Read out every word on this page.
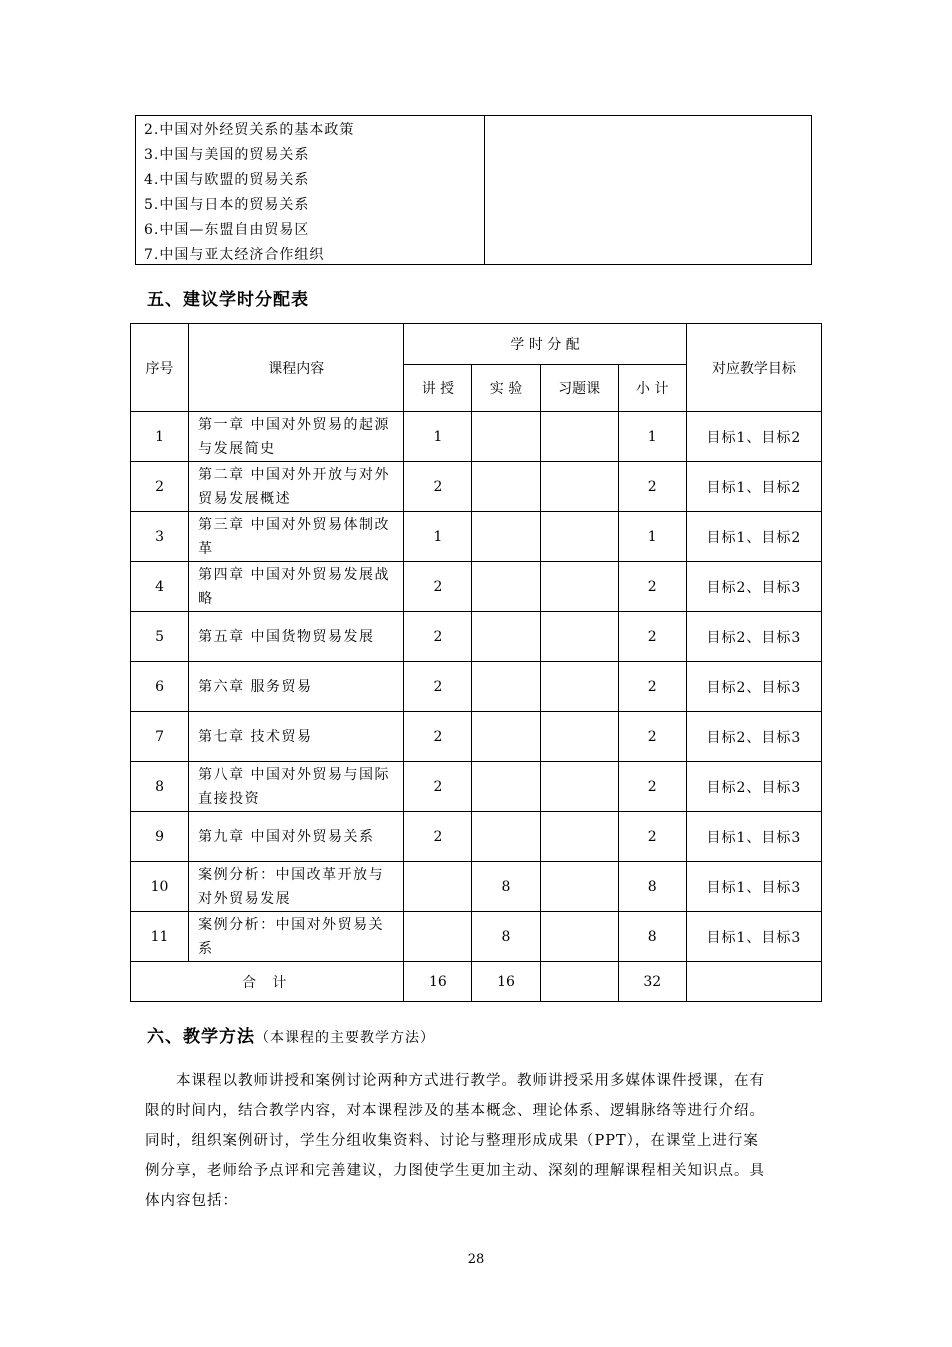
2.中国对外经贸关系的基本政策
3.中国与美国的贸易关系
4.中国与欧盟的贸易关系
5.中国与日本的贸易关系
6.中国—东盟自由贸易区
7.中国与亚太经济合作组织
五、建议学时分配表
序号	课程内容	学 时 分 配				对应教学目标
		讲 授	实 验	习题课	小 计	
1	第一章 中国对外贸易的起源与发展简史	1			1	目标1、目标2
2	第二章 中国对外开放与对外贸易发展概述	2			2	目标1、目标2
3	第三章 中国对外贸易体制改革	1			1	目标1、目标2
4	第四章 中国对外贸易发展战略	2			2	目标2、目标3
5	第五章 中国货物贸易发展	2			2	目标2、目标3
6	第六章 服务贸易	2			2	目标2、目标3
7	第七章 技术贸易	2			2	目标2、目标3
8	第八章 中国对外贸易与国际直接投资	2			2	目标2、目标3
9	第九章 中国对外贸易关系	2			2	目标1、目标3
10	案例分析：中国改革开放与对外贸易发展		8		8	目标1、目标3
11	案例分析：中国对外贸易关系		8		8	目标1、目标3
合 计		16	16		32	
六、教学方法（本课程的主要教学方法）
本课程以教师讲授和案例讨论两种方式进行教学。教师讲授采用多媒体课件授课，在有
限的时间内，结合教学内容，对本课程涉及的基本概念、理论体系、逻辑脉络等进行介绍。
同时，组织案例研讨，学生分组收集资料、讨论与整理形成成果（PPT），在课堂上进行案
例分享，老师给予点评和完善建议，力图使学生更加主动、深刻的理解课程相关知识点。具
体内容包括：
28
